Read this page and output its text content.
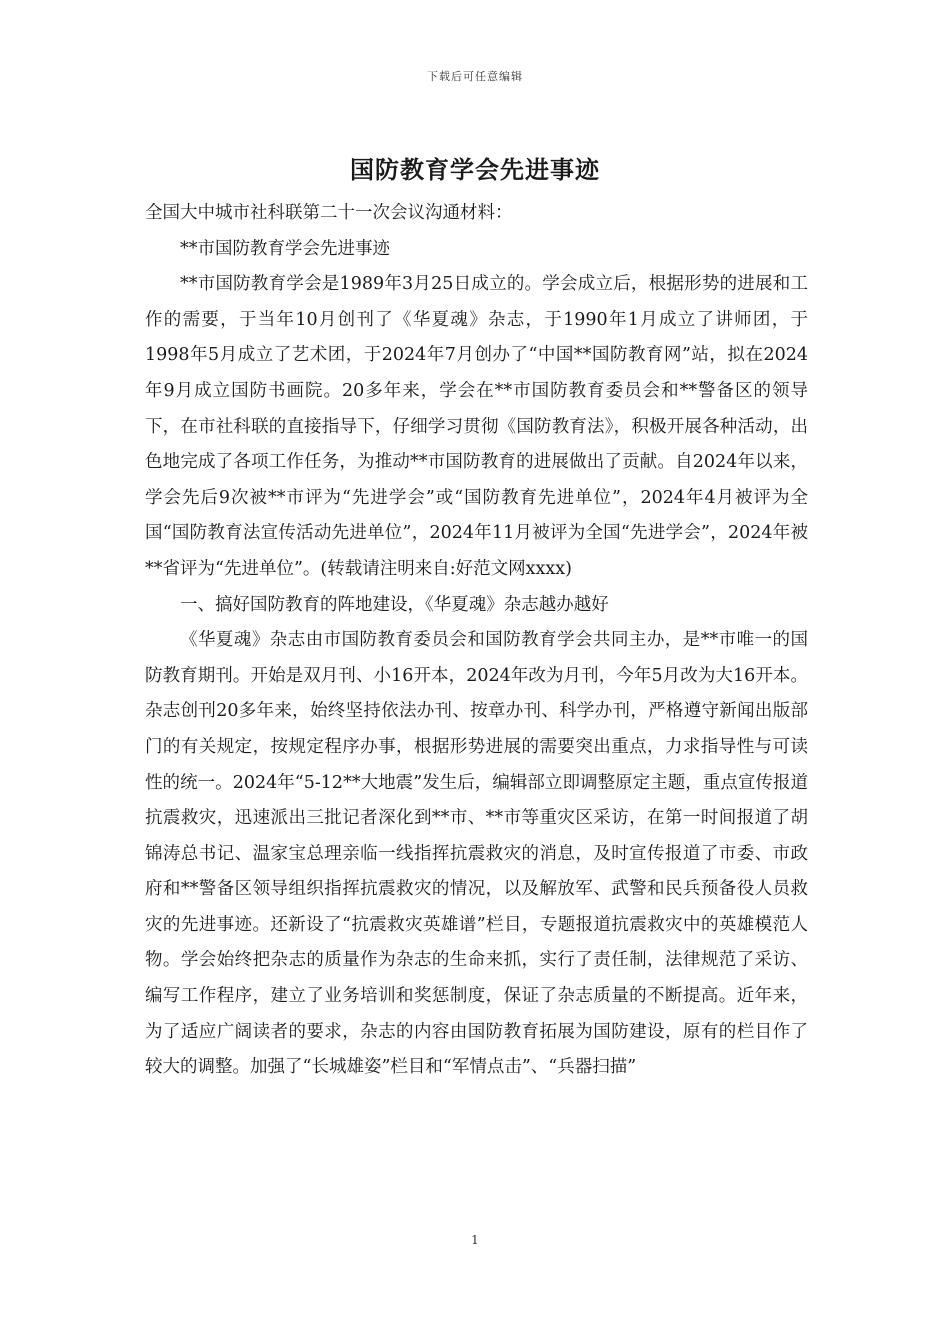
下载后可任意编辑
国防教育学会先进事迹

全国大中城市社科联第二十一次会议沟通材料：

**市国防教育学会先进事迹

**市国防教育学会是1989年3月25日成立的。学会成立后，根据形势的进展和工作的需要，于当年10月创刊了《华夏魂》杂志，于1990年1月成立了讲师团，于1998年5月成立了艺术团，于2024年7月创办了“中国**国防教育网”站，拟在2024年9月成立国防书画院。20多年来，学会在**市国防教育委员会和**警备区的领导下，在市社科联的直接指导下，仔细学习贯彻《国防教育法》，积极开展各种活动，出色地完成了各项工作任务，为推动**市国防教育的进展做出了贡献。自2024年以来，学会先后9次被**市评为“先进学会”或“国防教育先进单位”，2024年4月被评为全国“国防教育法宣传活动先进单位”，2024年11月被评为全国“先进学会”，2024年被**省评为“先进单位”。(转载请注明来自:好范文网xxxx)

一、搞好国防教育的阵地建设，《华夏魂》杂志越办越好

《华夏魂》杂志由市国防教育委员会和国防教育学会共同主办，是**市唯一的国防教育期刊。开始是双月刊、小16开本，2024年改为月刊，今年5月改为大16开本。杂志创刊20多年来，始终坚持依法办刊、按章办刊、科学办刊，严格遵守新闻出版部门的有关规定，按规定程序办事，根据形势进展的需要突出重点，力求指导性与可读性的统一。2024年“5-12**大地震”发生后，编辑部立即调整原定主题，重点宣传报道抗震救灾，迅速派出三批记者深化到**市、**市等重灾区采访，在第一时间报道了胡锦涛总书记、温家宝总理亲临一线指挥抗震救灾的消息，及时宣传报道了市委、市政府和**警备区领导组织指挥抗震救灾的情况，以及解放军、武警和民兵预备役人员救灾的先进事迹。还新设了“抗震救灾英雄谱”栏目，专题报道抗震救灾中的英雄模范人物。学会始终把杂志的质量作为杂志的生命来抓，实行了责任制，法律规范了采访、编写工作程序，建立了业务培训和奖惩制度，保证了杂志质量的不断提高。近年来，为了适应广阔读者的要求，杂志的内容由国防教育拓展为国防建设，原有的栏目作了较大的调整。加强了“长城雄姿”栏目和“军情点击”、“兵器扫描”

1
